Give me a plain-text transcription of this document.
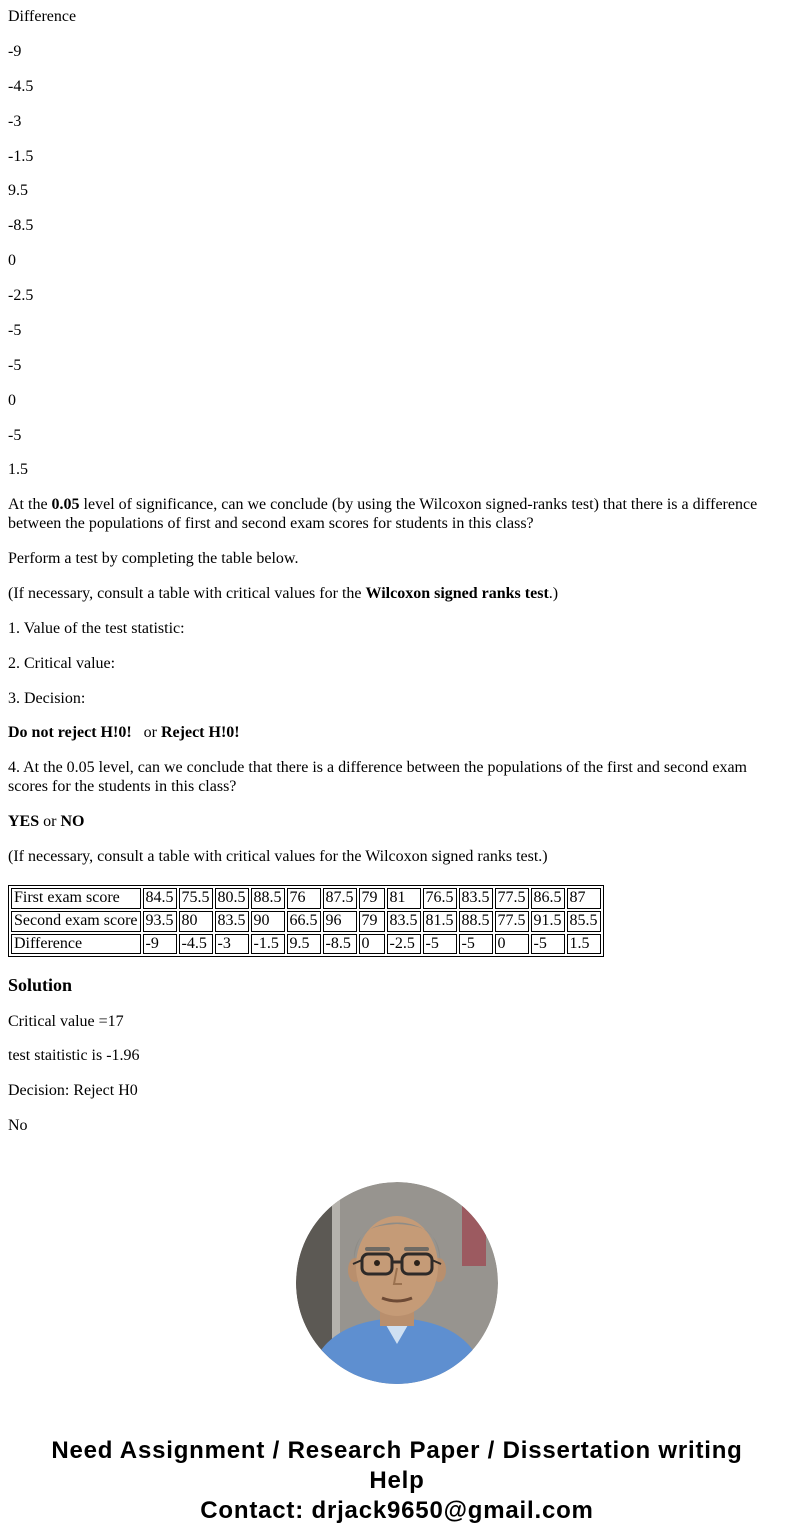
Difference

-9

-4.5

-3

-1.5

9.5

-8.5

0

-2.5

-5

-5

0

-5

1.5

At the 0.05 level of significance, can we conclude (by using the Wilcoxon signed-ranks test) that there is a difference between the populations of first and second exam scores for students in this class?

Perform a test by completing the table below.

(If necessary, consult a table with critical values for the Wilcoxon signed ranks test.)

1. Value of the test statistic:

2. Critical value:

3. Decision:

Do not reject H!0!   or Reject H!0!

4. At the 0.05 level, can we conclude that there is a difference between the populations of the first and second exam scores for the students in this class?

YES or NO

(If necessary, consult a table with critical values for the Wilcoxon signed ranks test.)

First exam score	84.5	75.5	80.5	88.5	76	87.5	79	81	76.5	83.5	77.5	86.5	87
Second exam score	93.5	80	83.5	90	66.5	96	79	83.5	81.5	88.5	77.5	91.5	85.5
Difference	-9	-4.5	-3	-1.5	9.5	-8.5	0	-2.5	-5	-5	0	-5	1.5

Solution

Critical value =17

test staitistic is -1.96

Decision: Reject H0

No

Need Assignment / Research Paper / Dissertation writing Help
Contact: drjack9650@gmail.com
